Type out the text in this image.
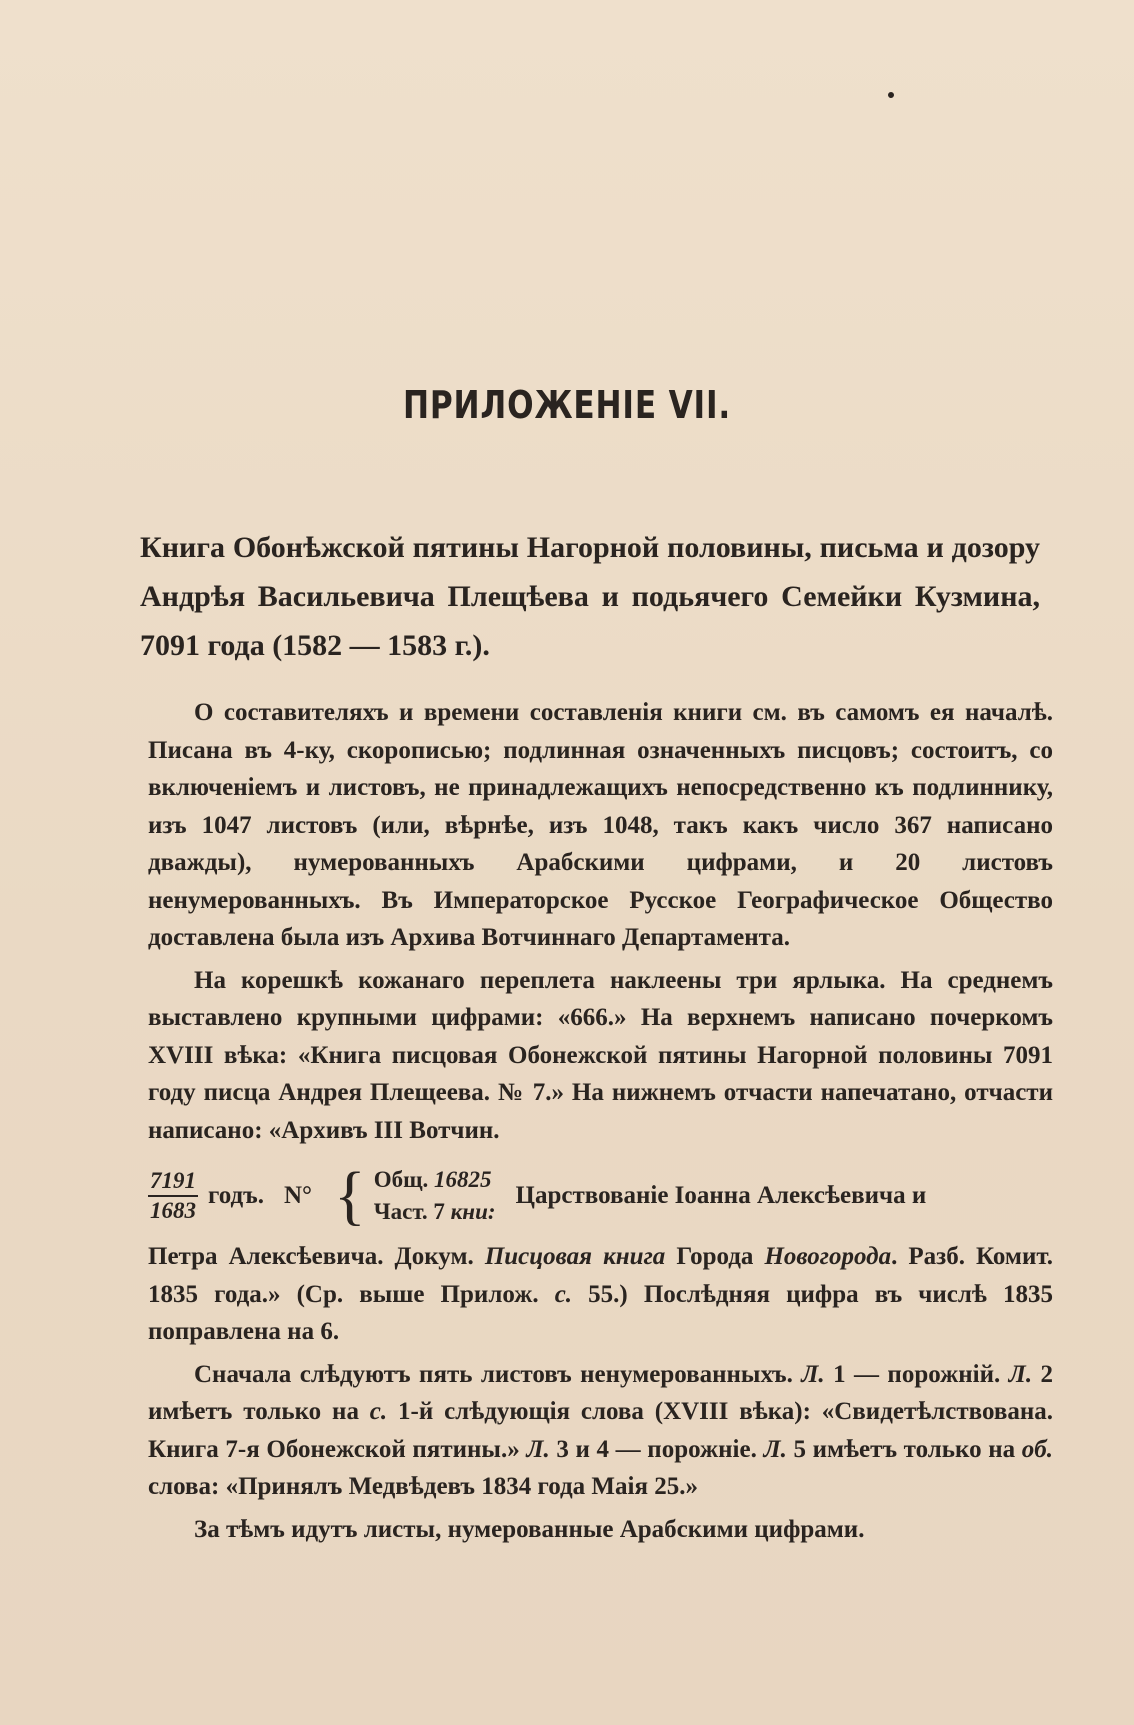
ПРИЛОЖЕНІЕ VII.
Книга Обонѣжской пятины Нагорной половины, письма и дозору Андрѣя Васильевича Плещѣева и подьячего Семейки Кузмина, 7091 года (1582 — 1583 г.).

О составителяхъ и времени составленія книги см. въ самомъ ея началѣ. Писана въ 4-ку, скорописью; подлинная означенныхъ писцовъ; состоитъ, со включеніемъ и листовъ, не принадлежащихъ непосредственно къ подлиннику, изъ 1047 листовъ (или, вѣрнѣе, изъ 1048, такъ какъ число 367 написано дважды), нумерованныхъ Арабскими цифрами, и 20 листовъ ненумерованныхъ. Въ Императорское Русское Географическое Общество доставлена была изъ Архива Вотчиннаго Департамента.

На корешкѣ кожанаго переплета наклеены три ярлыка. На среднемъ выставлено крупными цифрами: «666.» На верхнемъ написано почеркомъ XVIII вѣка: «Книга писцовая Обонежской пятины Нагорной половины 7091 году писца Андрея Плещеева. № 7.» На нижнемъ отчасти напечатано, отчасти написано: «Архивъ III Вотчин.

$\frac{7191}{1683}$ годъ. N° { Общ. 16825
Част. 7 кни:
Царствованіе Іоанна Алексѣевича и

Петра Алексѣевича. Докум. Писцовая книга Города Новогорода. Разб. Комит. 1835 года.» (Ср. выше Прилож. с. 55.) Послѣдняя цифра въ числѣ 1835 поправлена на 6.

Сначала слѣдуютъ пять листовъ ненумерованныхъ. Л. 1 — порожній. Л. 2 имѣетъ только на с. 1-й слѣдующія слова (XVIII вѣка): «Свидетѣлствована. Книга 7-я Обонежской пятины.» Л. 3 и 4 — порожніе. Л. 5 имѣетъ только на об. слова: «Принялъ Медвѣдевъ 1834 года Маія 25.»

За тѣмъ идутъ листы, нумерованные Арабскими цифрами.
